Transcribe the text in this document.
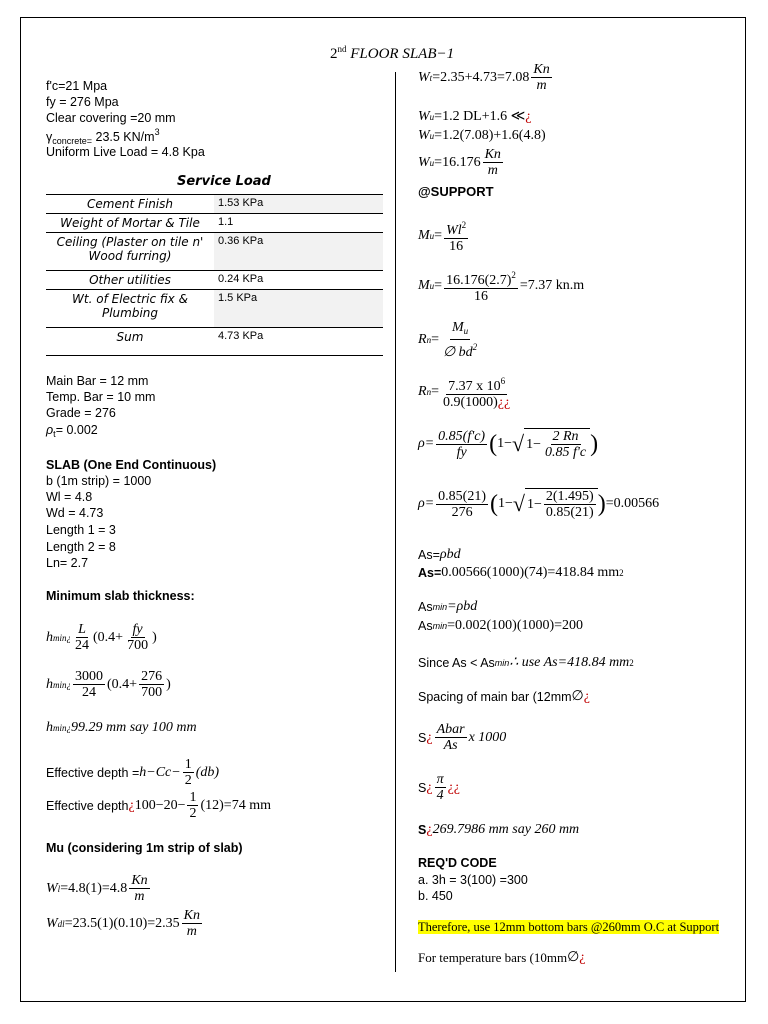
2nd FLOOR SLAB−1
f'c=21 Mpa
fy = 276 Mpa
Clear covering =20 mm
$\gamma_{concrete=}$ 23.5 $KN/m^3$
Uniform Live Load = 4.8 Kpa
Service Load
Cement Finish	1.53 KPa
Weight of Mortar & Tile	1.1
Ceiling (Plaster on tile n' Wood furring)	0.36 KPa
Other utilities	0.24 KPa
Wt. of Electric fix & Plumbing	1.5 KPa
Sum	4.73 KPa
Main Bar = 12 mm
Temp. Bar = 10 mm
Grade = 276
$\rho_t= 0.002$
SLAB (One End Continuous)
b (1m strip) = 1000
Wl = 4.8
Wd = 4.73
Length 1 = 3
Length 2 = 8
Ln= 2.7
Minimum slab thickness:
h min¿ $\frac{L}{24} (0.4+ \frac{fy}{700}$ )
h min¿ $\frac{3000}{24} (0.4+ \frac{276}{700}$ )
h min¿ 99.29 mm say 100 mm
Effective depth = $h-Cc- \frac{1}{2} (db)$
Effective depth ¿ $100-20- \frac{1}{2} (12)=74$ mm
Mu (considering 1m strip of slab)
W $l =4.8(1)=4.8 \frac{Kn}{m}$
W dl $=23.5(1)(0.10)=2.35 \frac{Kn}{m}$
W $t =2.35+4.73=7.08 \frac{Kn}{m}$
W u =1.2 DL+1.6 ≪ ¿
W u =1.2(7.08)+1.6(4.8)
W $u =16.176 \frac{Kn}{m}$
@SUPPORT
M $u = \frac{Wl^2}{16}$
M $u = \frac{16.176(2.7)^2}{16} =7.37$ kn.m
R $n = \frac{M_u}{\emptyset bd^2}$
R $n = \frac{7.37 x 10^6}{0.9(1000)¿¿}$
$\rho= \frac{0.85(f'c)}{fy}$ ( 1− √ $1- \frac{2 Rn}{0.85 f'c}$ )
$\rho= \frac{0.85(21)}{276}$ ( 1− √ $1- \frac{2(1.495)}{0.85(21)}$ ) =0.00566
As= ρbd
As= 0.00566(1000)(74)=418.84 mm 2
As min =ρbd
As min =0.002(100)(1000)=200
Since As < As min ∴ use As=418.84 mm 2
Spacing of main bar (12mm ∅ ¿
S ¿ $\frac{\text{Abar}}{As}$ x 1000
S ¿ $\frac{\pi}{4}$ ¿¿
S ¿ 269.7986 mm say 260 mm
REQ'D CODE
a. 3h = 3(100) =300
b. 450
Therefore, use 12mm bottom bars @260mm O.C at Support
For temperature bars (10mm ∅ ¿
